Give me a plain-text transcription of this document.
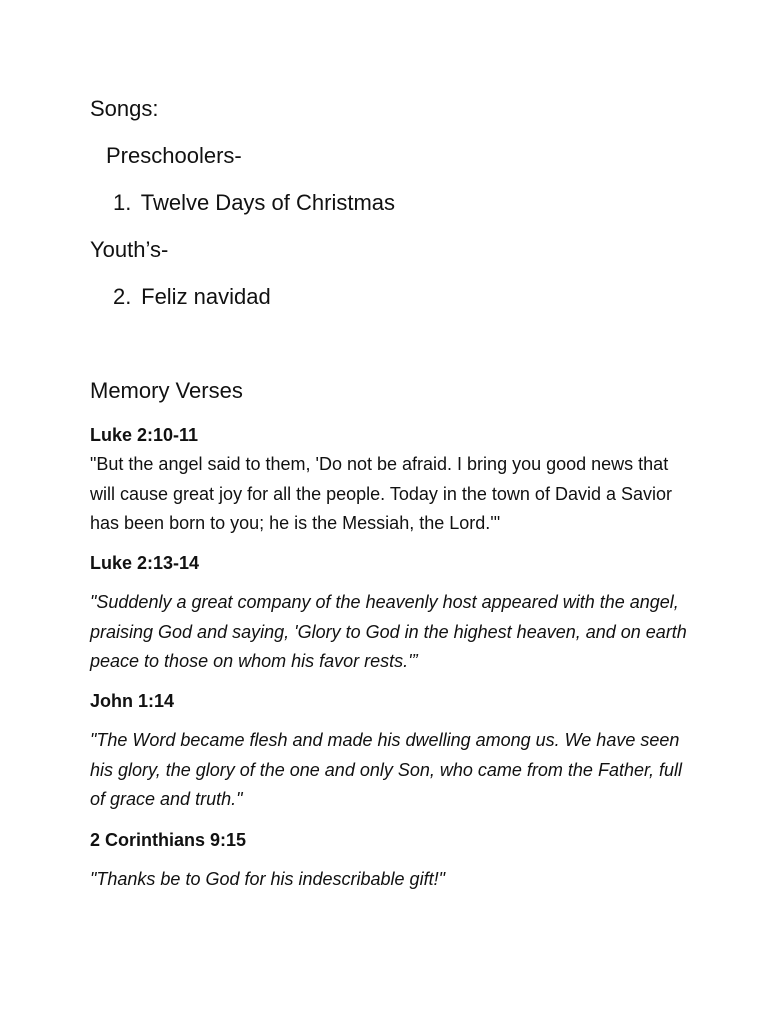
Songs:
Preschoolers-
1. Twelve Days of Christmas
Youth’s-
2. Feliz navidad
Memory Verses
Luke 2:10-11
"But the angel said to them, 'Do not be afraid. I bring you good news that will cause great joy for all the people. Today in the town of David a Savior has been born to you; he is the Messiah, the Lord.'"
Luke 2:13-14
"Suddenly a great company of the heavenly host appeared with the angel, praising God and saying, 'Glory to God in the highest heaven, and on earth peace to those on whom his favor rests.'”
John 1:14
"The Word became flesh and made his dwelling among us. We have seen his glory, the glory of the one and only Son, who came from the Father, full of grace and truth."
2 Corinthians 9:15
"Thanks be to God for his indescribable gift!"
